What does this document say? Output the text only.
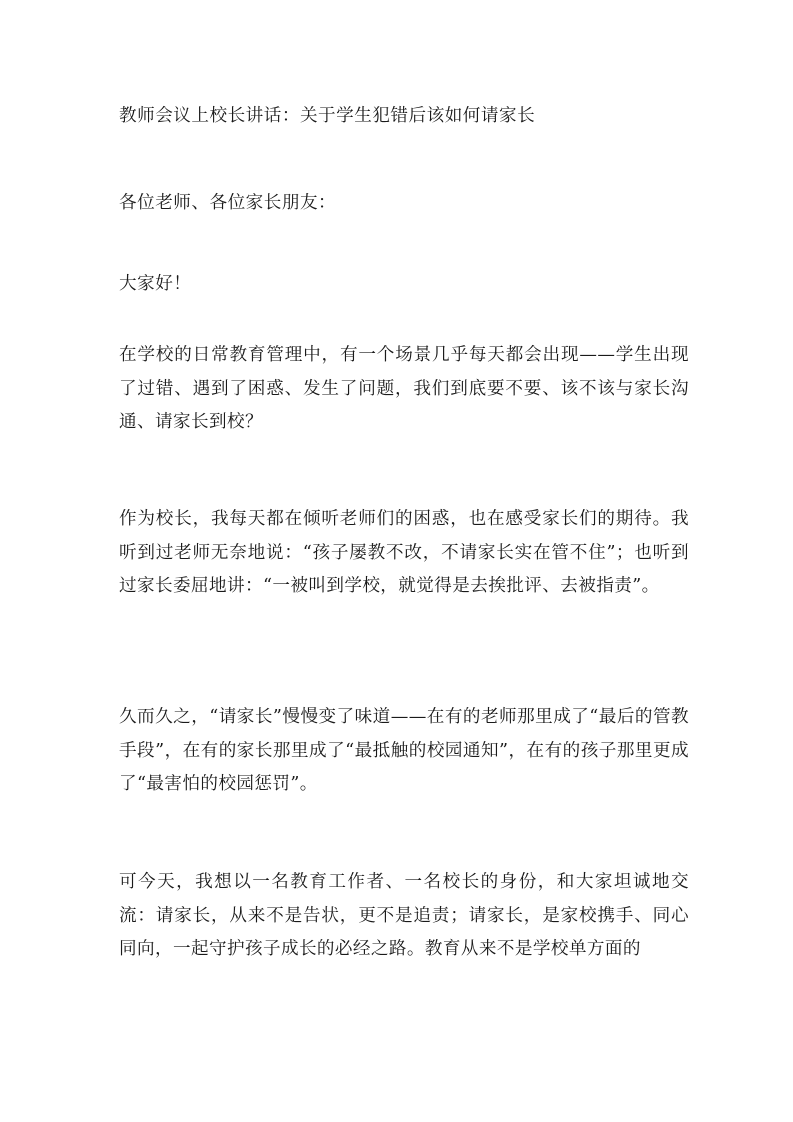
教师会议上校长讲话：关于学生犯错后该如何请家长
各位老师、各位家长朋友：
大家好！

在学校的日常教育管理中，有一个场景几乎每天都会出现——学生出现了过错、遇到了困惑、发生了问题，我们到底要不要、该不该与家长沟通、请家长到校？

作为校长，我每天都在倾听老师们的困惑，也在感受家长们的期待。我听到过老师无奈地说：“孩子屡教不改，不请家长实在管不住”；也听到过家长委屈地讲：“一被叫到学校，就觉得是去挨批评、去被指责”。

久而久之，“请家长”慢慢变了味道——在有的老师那里成了“最后的管教手段”，在有的家长那里成了“最抵触的校园通知”，在有的孩子那里更成了“最害怕的校园惩罚”。

可今天，我想以一名教育工作者、一名校长的身份，和大家坦诚地交流：请家长，从来不是告状，更不是追责；请家长，是家校携手、同心同向，一起守护孩子成长的必经之路。教育从来不是学校单方面的
